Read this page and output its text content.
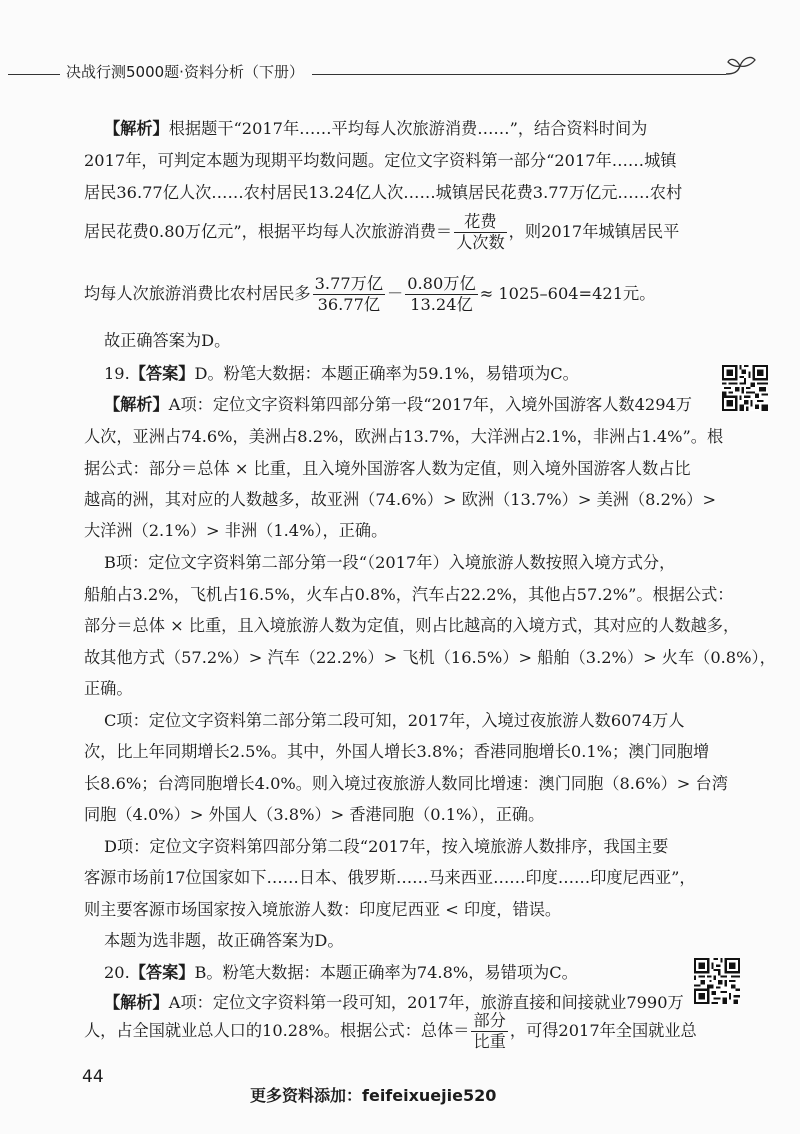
决战行测5000题·资料分析（下册）
【解析】根据题干“2017年……平均每人次旅游消费……”，结合资料时间为
2017年，可判定本题为现期平均数问题。定位文字资料第一部分“2017年……城镇
居民36.77亿人次……农村居民13.24亿人次……城镇居民花费3.77万亿元……农村
居民花费0.80万亿元”，根据平均每人次旅游消费＝ $\frac{\text{花费}}{\text{人次数}}$ ，则2017年城镇居民平
均每人次旅游消费比农村居民多 $\frac{\text{3.77万亿}}{\text{36.77亿}} - \frac{\text{0.80万亿}}{\text{13.24亿}} \approx 1025-604=421$元。
故正确答案为D。
19.【答案】D。粉笔大数据：本题正确率为59.1%，易错项为C。
【解析】A项：定位文字资料第四部分第一段“2017年，入境外国游客人数4294万
人次，亚洲占74.6%，美洲占8.2%，欧洲占13.7%，大洋洲占2.1%，非洲占1.4%”。根
据公式：部分＝总体 × 比重，且入境外国游客人数为定值，则入境外国游客人数占比
越高的洲，其对应的人数越多，故亚洲（74.6%）> 欧洲（13.7%）> 美洲（8.2%）>
大洋洲（2.1%）> 非洲（1.4%），正确。
B项：定位文字资料第二部分第一段“（2017年）入境旅游人数按照入境方式分，
船舶占3.2%，飞机占16.5%，火车占0.8%，汽车占22.2%，其他占57.2%”。根据公式：
部分＝总体 × 比重，且入境旅游人数为定值，则占比越高的入境方式，其对应的人数越多，
故其他方式（57.2%）> 汽车（22.2%）> 飞机（16.5%）> 船舶（3.2%）> 火车（0.8%），
正确。
C项：定位文字资料第二部分第二段可知，2017年，入境过夜旅游人数6074万人
次，比上年同期增长2.5%。其中，外国人增长3.8%；香港同胞增长0.1%；澳门同胞增
长8.6%；台湾同胞增长4.0%。则入境过夜旅游人数同比增速：澳门同胞（8.6%）> 台湾
同胞（4.0%）> 外国人（3.8%）> 香港同胞（0.1%），正确。
D项：定位文字资料第四部分第二段“2017年，按入境旅游人数排序，我国主要
客源市场前17位国家如下……日本、俄罗斯……马来西亚……印度……印度尼西亚”，
则主要客源市场国家按入境旅游人数：印度尼西亚 < 印度，错误。
本题为选非题，故正确答案为D。
20.【答案】B。粉笔大数据：本题正确率为74.8%，易错项为C。
【解析】A项：定位文字资料第一段可知，2017年，旅游直接和间接就业7990万
人，占全国就业总人口的10.28%。根据公式：总体＝ $\frac{\text{部分}}{\text{比重}}$ ，可得2017年全国就业总
44
更多资料添加：feifeixuejie520
